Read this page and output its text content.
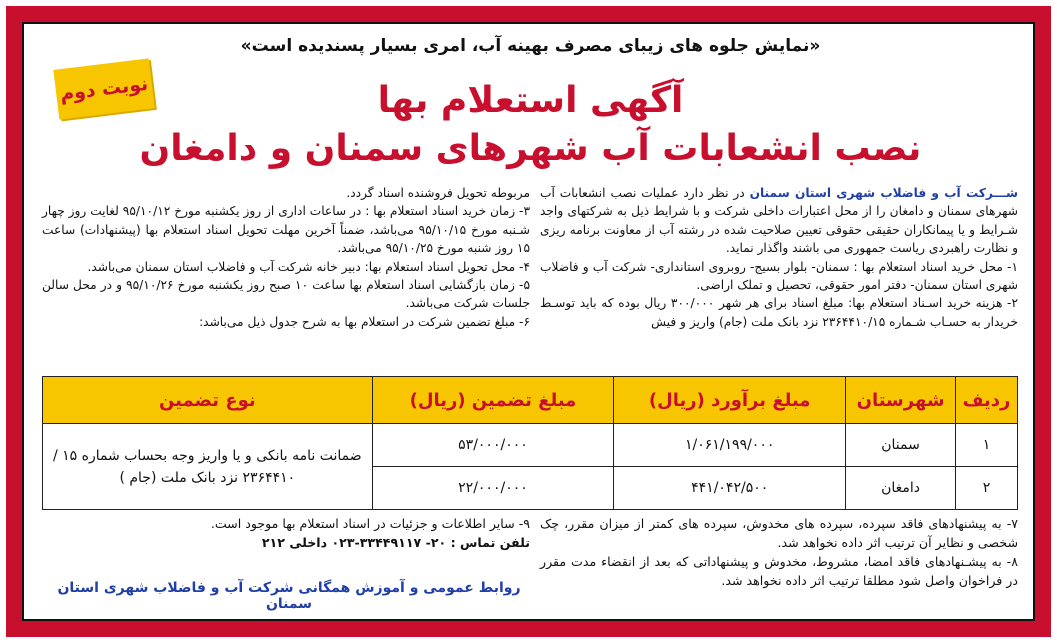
«نمایش جلوه های زیبای مصرف بهینه آب، امری بسیار پسندیده است»
نوبت دوم	آگهی استعلام بها
نصب انشعابات آب شهرهای سمنان و دامغان

شـــرکت آب و فاضلاب شهری استان سمنان در نظر دارد عملیات نصب انشعابات آب شهرهای سمنان و دامغان را از محل اعتبارات داخلی شرکت و با شرایط ذیل به شرکتهای واجد شـرایط و یا پیمانکاران حقیقی حقوقی تعیین صلاحیت شده در رشته آب از معاونت برنامه ریزی و نظارت راهبردی ریاست جمهوری می باشند واگذار نماید.

۱- محل خرید اسناد استعلام بها : سمنان- بلوار بسیج- روبروی استانداری- شرکت آب و فاضلاب شهری استان سمنان- دفتر امور حقوقی، تحصیل و تملک اراضی.

۲- هزینه خرید اسـناد استعلام بها: مبلغ اسناد برای هر شهر ۳۰۰/۰۰۰ ریال بوده که باید توسـط خریدار به حسـاب شـماره ۲۳۶۴۴۱۰/۱۵ نزد بانک ملت (جام) واریز و فیش

مربوطه تحویل فروشنده اسناد گردد.

۳- زمان خرید اسناد استعلام بها : در ساعات اداری از روز یکشنبه مورخ ۹۵/۱۰/۱۲ لغایت روز چهار شـنبه مورخ ۹۵/۱۰/۱۵ می‌باشد، ضمناً آخرین مهلت تحویل اسناد استعلام بها (پیشنهادات) ساعت ۱۵ روز شنبه مورخ ۹۵/۱۰/۲۵ می‌باشد.

۴- محل تحویل اسناد استعلام بها: دبیر خانه شرکت آب و فاضلاب استان سمنان می‌باشد.

۵- زمان بازگشایی اسناد استعلام بها ساعت ۱۰ صبح روز یکشنبه مورخ ۹۵/۱۰/۲۶ و در محل سالن جلسات شرکت می‌باشد.

۶- مبلغ تضمین شرکت در استعلام بها به شرح جدول ذیل می‌باشد:

ردیف	شهرستان	مبلغ برآورد (ریال)	مبلغ تضمین (ریال)	نوع تضمین
۱	سمنان	۱/۰۶۱/۱۹۹/۰۰۰	۵۳/۰۰۰/۰۰۰	ضمانت نامه بانکی و یا واریز وجه بحساب شماره ۱۵ /۲۳۶۴۴۱۰ نزد بانک ملت (جام )
۲	دامغان	۴۴۱/۰۴۲/۵۰۰	۲۲/۰۰۰/۰۰۰	

۷- به پیشنهادهای فاقد سپرده، سپرده های مخدوش، سپرده های کمتر از میزان مقرر، چک شخصی و نظایر آن ترتیب اثر داده نخواهد شد.

۸- به پیشـنهادهای فاقد امضا، مشروط، مخدوش و پیشنهاداتی که بعد از انقضاء مدت مقرر در فراخوان واصل شود مطلقا ترتیب اثر داده نخواهد شد.

۹- سایر اطلاعات و جزئیات در اسناد استعلام بها موجود است.

تلفن تماس : ۲۰- ۳۳۴۴۹۱۱۷-۰۲۳ داخلی ۲۱۲

روابط عمومی و آموزش همگانی شرکت آب و فاضلاب شهری استان سمنان
